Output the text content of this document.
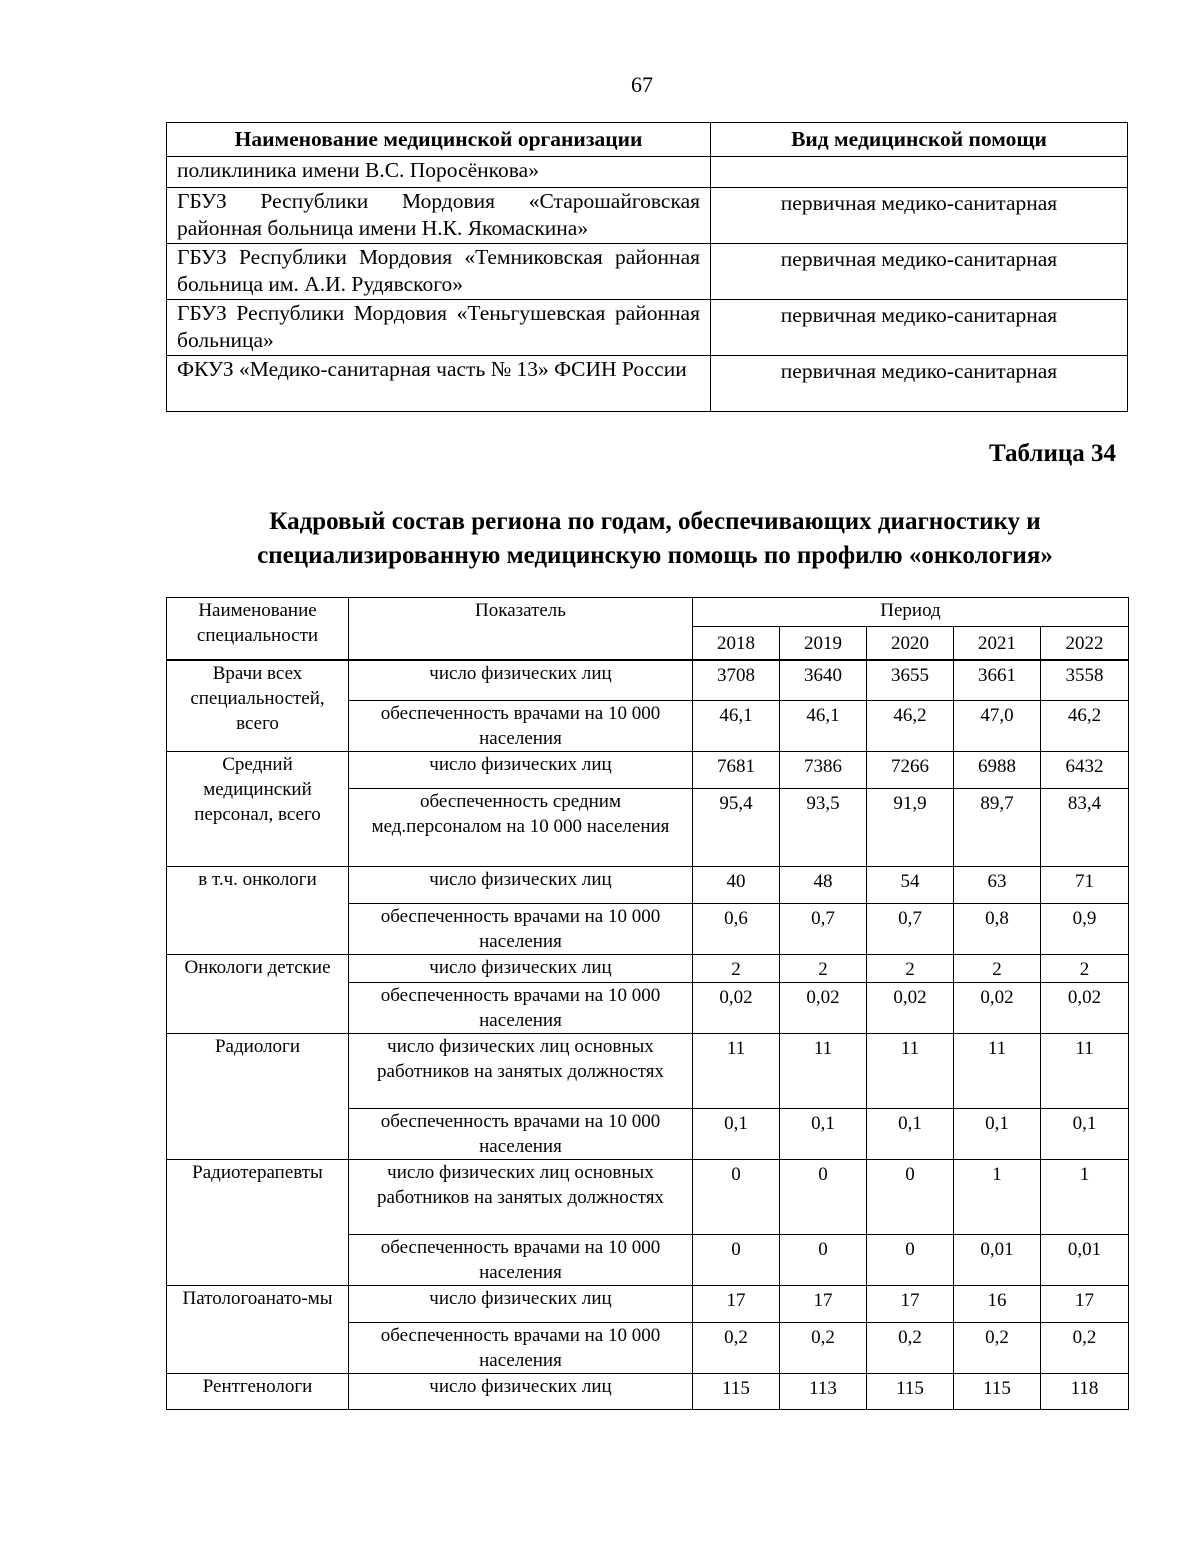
67
Наименование медицинской организации	Вид медицинской помощи
поликлиника имени В.С. Поросёнкова»	
ГБУЗ Республики Мордовия «Старошайговская районная больница имени Н.К. Якомаскина»	первичная медико-санитарная
ГБУЗ Республики Мордовия «Темниковская районная больница им. А.И. Рудявского»	первичная медико-санитарная
ГБУЗ Республики Мордовия «Теньгушевская районная больница»	первичная медико-санитарная
ФКУЗ «Медико-санитарная часть № 13» ФСИН России	первичная медико-санитарная
Таблица 34
Кадровый состав региона по годам, обеспечивающих диагностику и специализированную медицинскую помощь по профилю «онкология»
Наименование специальности	Показатель	Период				
		2018	2019	2020	2021	2022
Врачи всех специальностей, всего	число физических лиц	3708	3640	3655	3661	3558
	обеспеченность врачами на 10 000 населения	46,1	46,1	46,2	47,0	46,2
Средний медицинский персонал, всего	число физических лиц	7681	7386	7266	6988	6432
	обеспеченность средним мед.персоналом на 10 000 населения	95,4	93,5	91,9	89,7	83,4
в т.ч. онкологи	число физических лиц	40	48	54	63	71
	обеспеченность врачами на 10 000 населения	0,6	0,7	0,7	0,8	0,9
Онкологи детские	число физических лиц	2	2	2	2	2
	обеспеченность врачами на 10 000 населения	0,02	0,02	0,02	0,02	0,02
Радиологи	число физических лиц основных работников на занятых должностях	11	11	11	11	11
	обеспеченность врачами на 10 000 населения	0,1	0,1	0,1	0,1	0,1
Радиотерапевты	число физических лиц основных работников на занятых должностях	0	0	0	1	1
	обеспеченность врачами на 10 000 населения	0	0	0	0,01	0,01
Патологоанато-мы	число физических лиц	17	17	17	16	17
	обеспеченность врачами на 10 000 населения	0,2	0,2	0,2	0,2	0,2
Рентгенологи	число физических лиц	115	113	115	115	118
